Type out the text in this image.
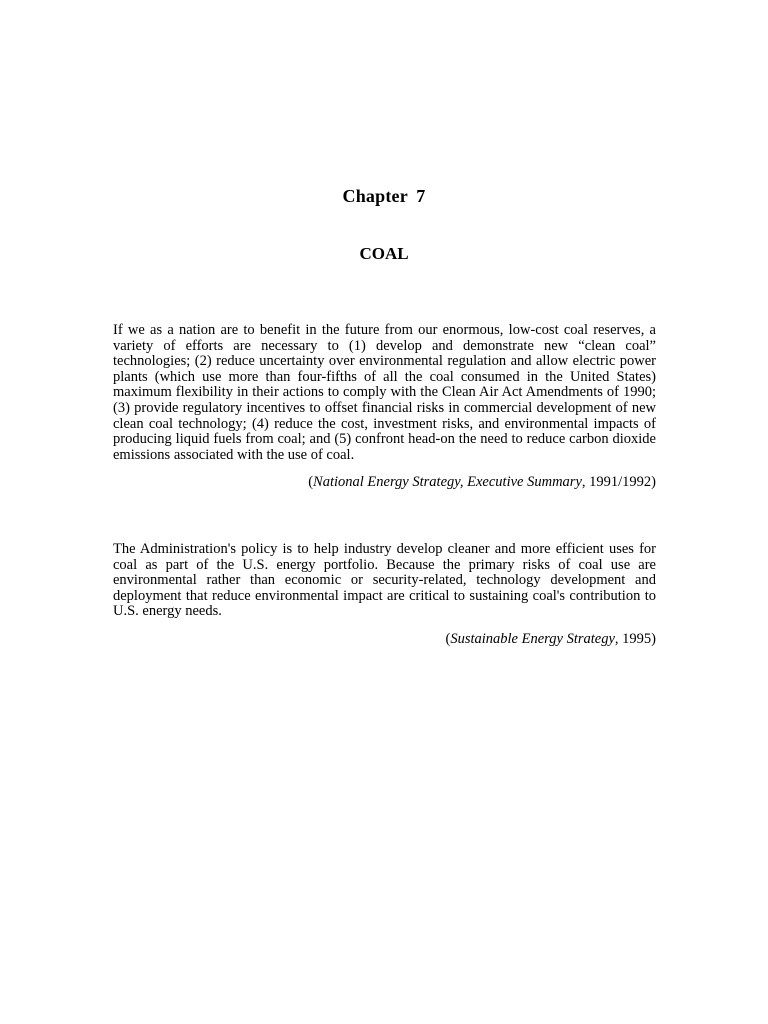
Chapter 7
COAL

If we as a nation are to benefit in the future from our enormous, low-cost coal reserves, a variety of efforts are necessary to (1) develop and demonstrate new “clean coal” technologies; (2) reduce uncertainty over environmental regulation and allow electric power plants (which use more than four-fifths of all the coal consumed in the United States) maximum flexibility in their actions to comply with the Clean Air Act Amendments of 1990; (3) provide regulatory incentives to offset financial risks in commercial development of new clean coal technology; (4) reduce the cost, investment risks, and environmental impacts of producing liquid fuels from coal; and (5) confront head-on the need to reduce carbon dioxide emissions associated with the use of coal.

(National Energy Strategy, Executive Summary, 1991/1992)

The Administration's policy is to help industry develop cleaner and more efficient uses for coal as part of the U.S. energy portfolio. Because the primary risks of coal use are environmental rather than economic or security-related, technology development and deployment that reduce environmental impact are critical to sustaining coal's contribution to U.S. energy needs.

(Sustainable Energy Strategy, 1995)
